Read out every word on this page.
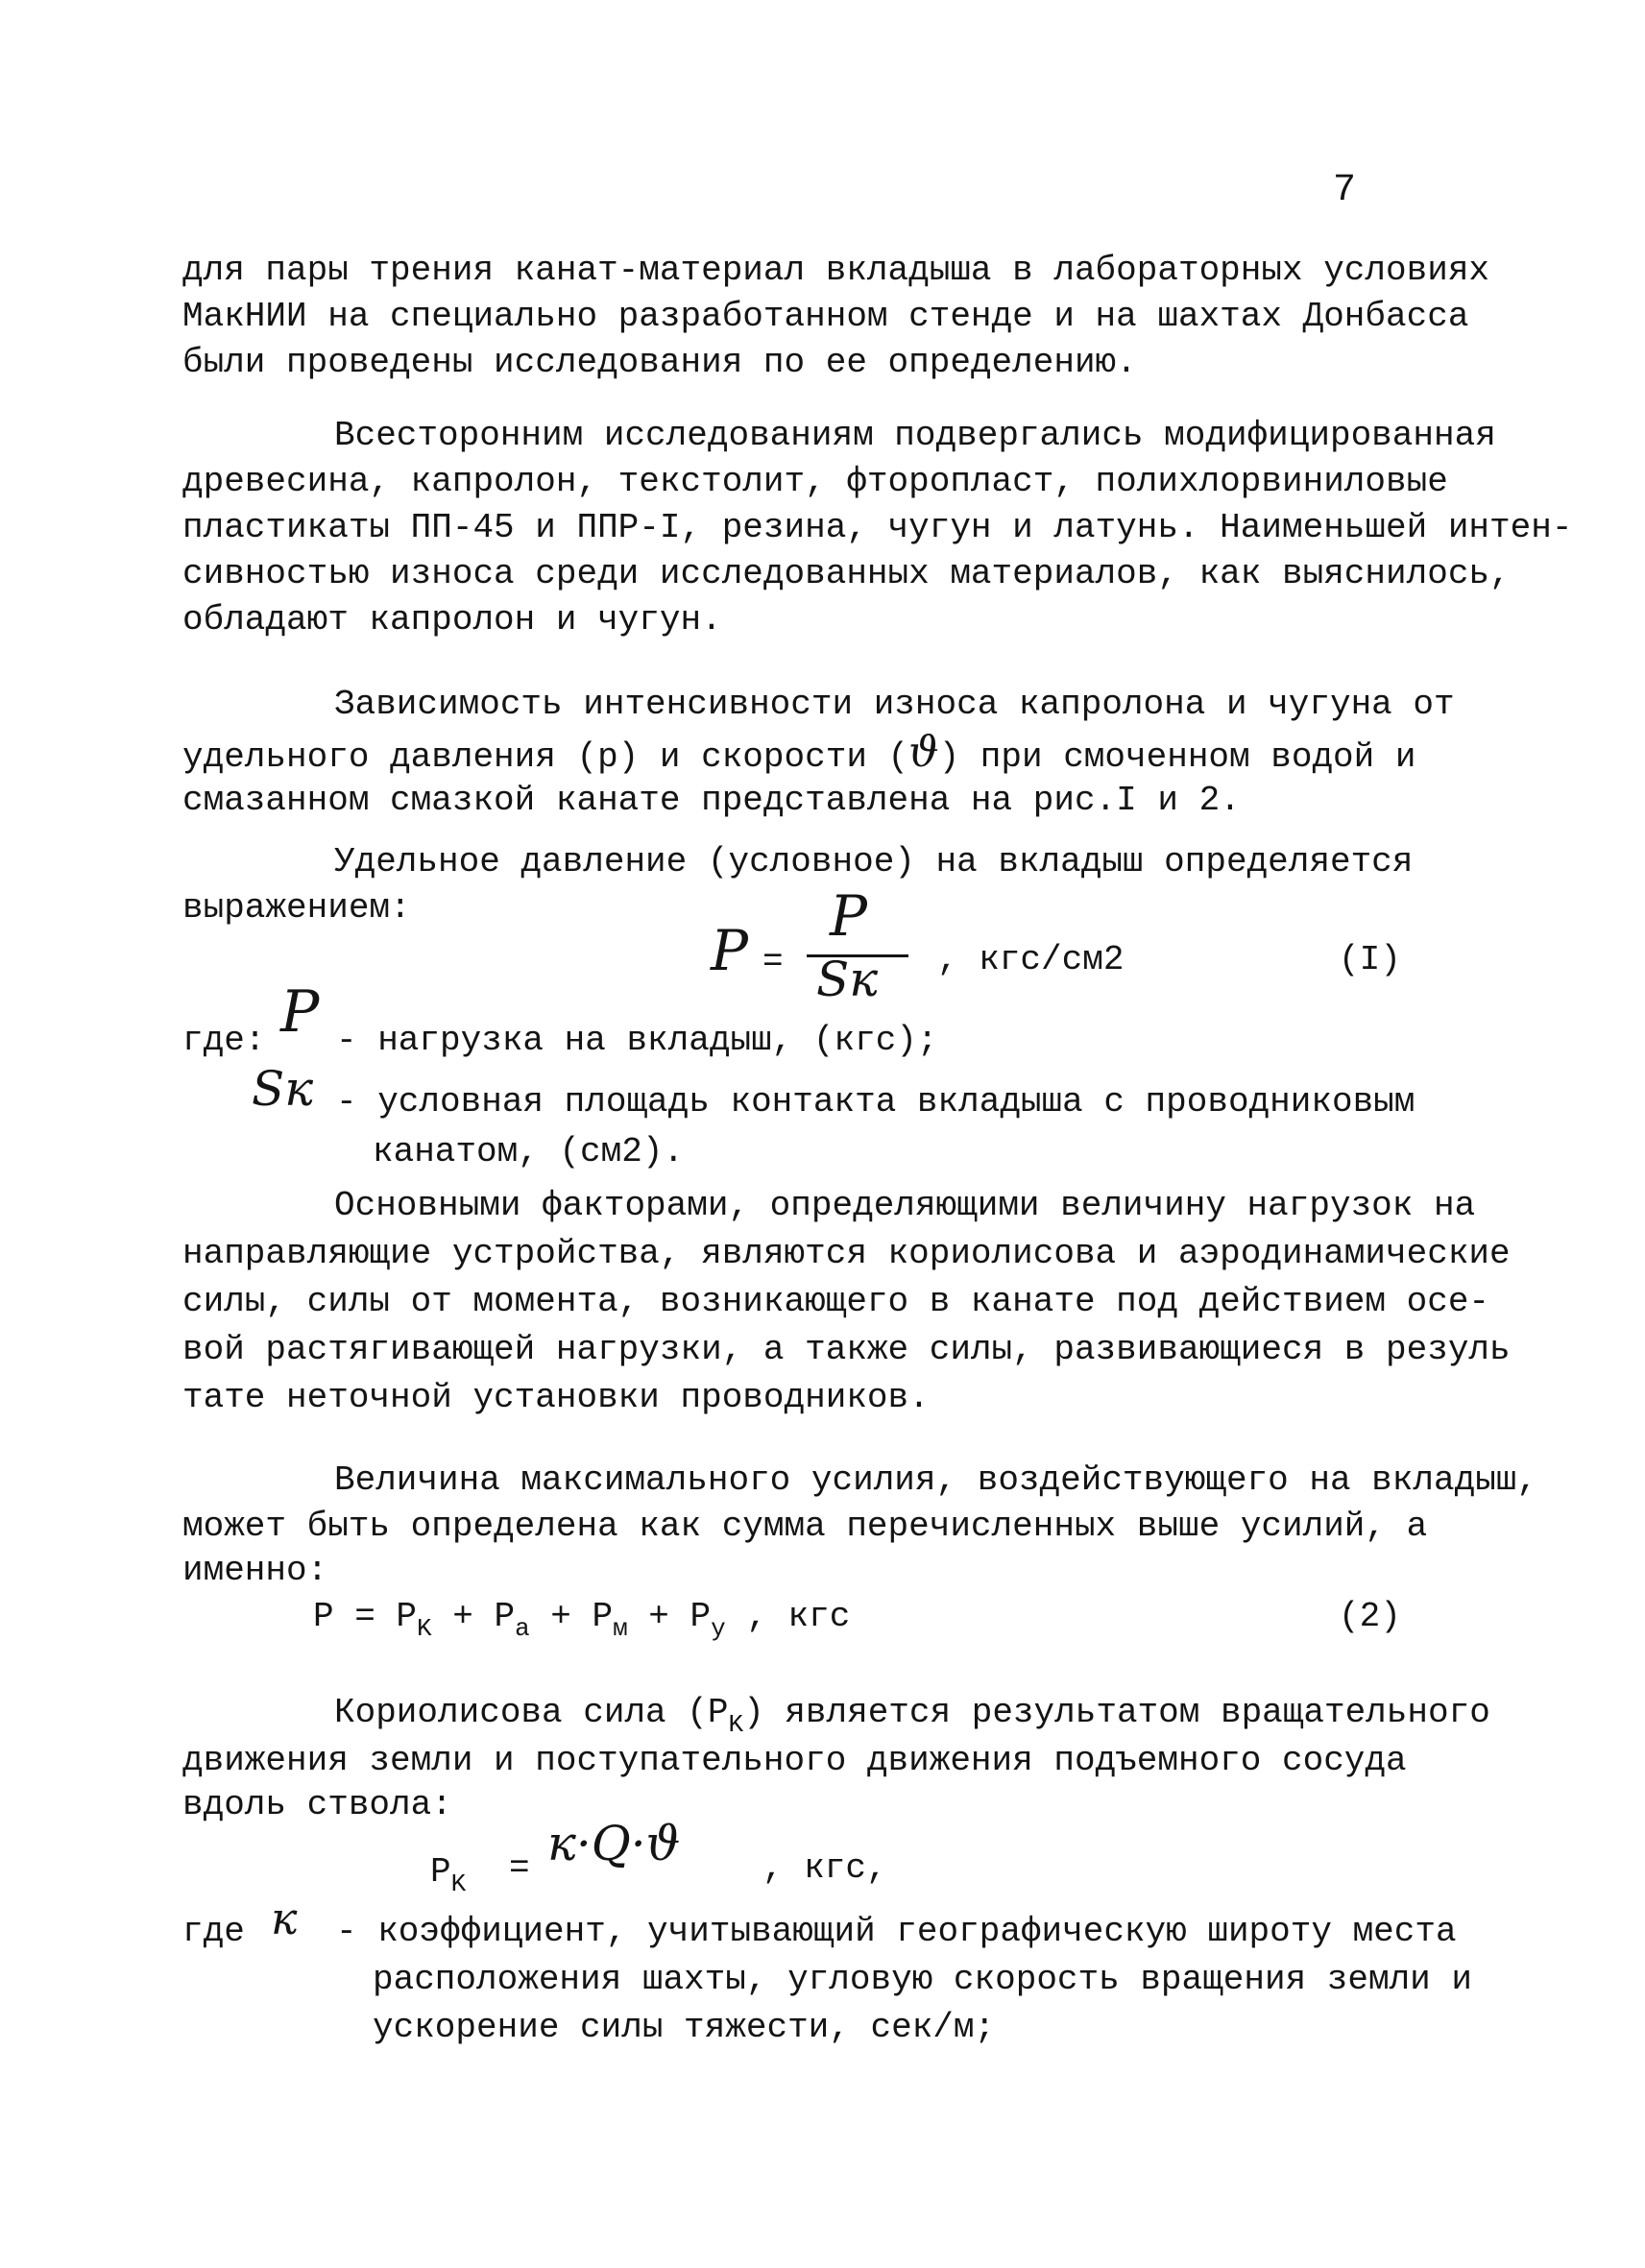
7
для пары трения канат-материал вкладыша в лабораторных условиях
МакНИИ на специально разработанном стенде и на шахтах Донбасса
были проведены исследования по ее определению.
Всесторонним исследованиям подвергались модифицированная
древесина, капролон, текстолит, фторопласт, полихлорвиниловые
пластикаты ПП-45 и ППР-I, резина, чугун и латунь. Наименьшей интен-
сивностью износа среди исследованных материалов, как выяснилось,
обладают капролон и чугун.
Зависимость интенсивности износа капролона и чугуна от
удельного давления (р) и скорости (ϑ) при смоченном водой и
смазанном смазкой канате представлена на рис.I и 2.
Удельное давление (условное) на вкладыш определяется
выражением:
P =
P
Sк , кгс/см2	(I)
где: P - нагрузка на вкладыш, (кгс);
Sк - условная площадь контакта вкладыша с проводниковым
канатом, (см2).
Основными факторами, определяющими величину нагрузок на
направляющие устройства, являются кориолисова и аэродинамические
силы, силы от момента, возникающего в канате под действием осе-
вой растягивающей нагрузки, а также силы, развивающиеся в резуль
тате неточной установки проводников.
Величина максимального усилия, воздействующего на вкладыш,
может быть определена как сумма перечисленных выше усилий, а
именно:
$P = P_K + P_a + P_м + P_у$ , кгс	(2)
Кориолисова сила $(P_K)$ является результатом вращательного
движения земли и поступательного движения подъемного сосуда
вдоль ствола:
$P_K = к\cdot Q\cdot ϑ$ , кгс,
где к - коэффициент, учитывающий географическую широту места
расположения шахты, угловую скорость вращения земли и
ускорение силы тяжести, сек/м;
